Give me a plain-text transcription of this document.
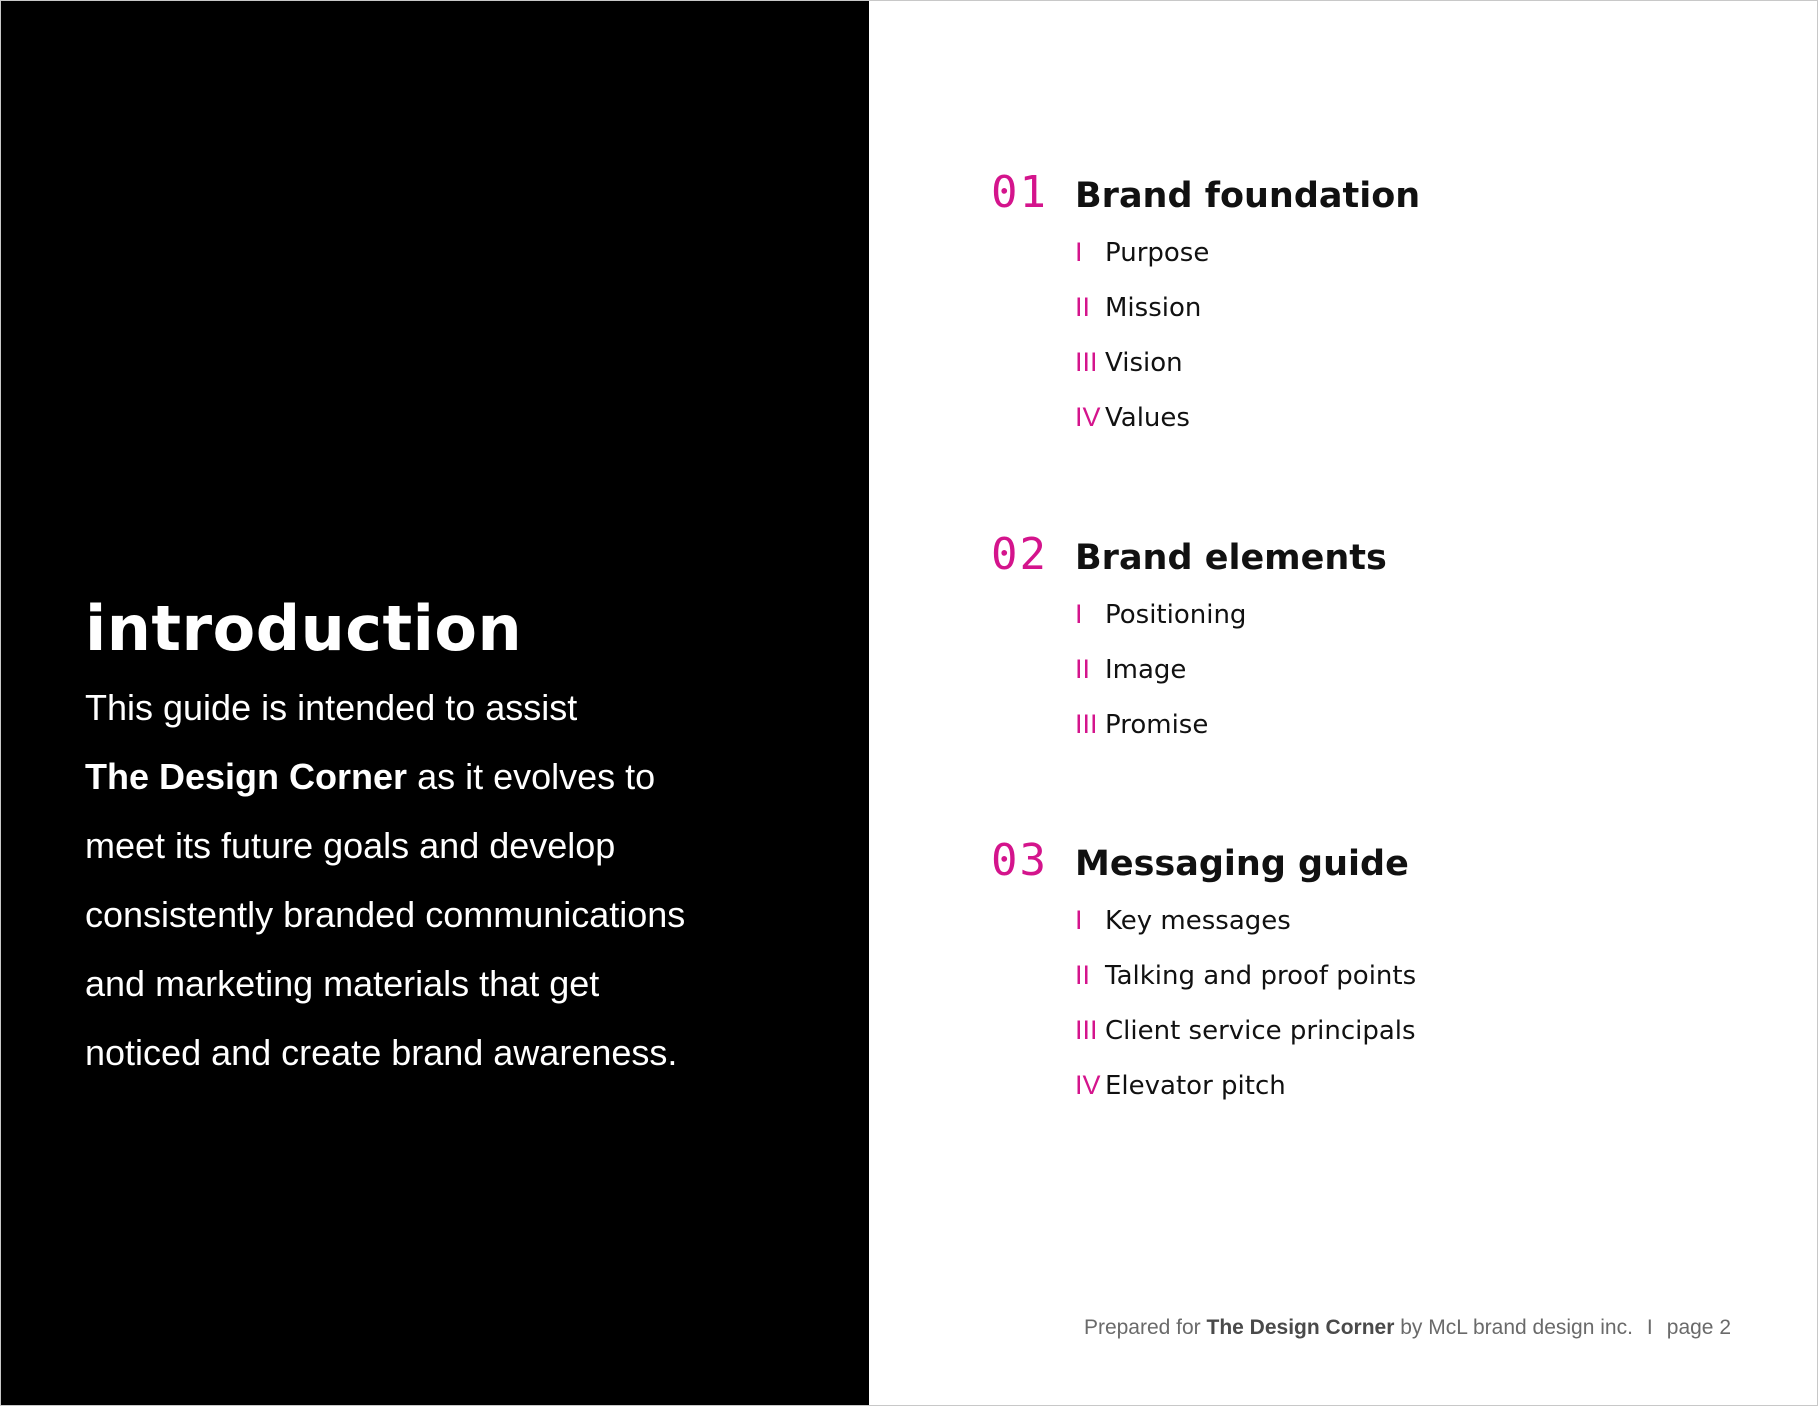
introduction
This guide is intended to assist
The Design Corner as it evolves to
meet its future goals and develop
consistently branded communications
and marketing materials that get
noticed and create brand awareness.
01 Brand foundation
I Purpose
II Mission
III Vision
IV Values
02 Brand elements
I Positioning
II Image
III Promise
03 Messaging guide
I Key messages
II Talking and proof points
III Client service principals
IV Elevator pitch
Prepared for The Design Corner by McL brand design inc. I page 2
